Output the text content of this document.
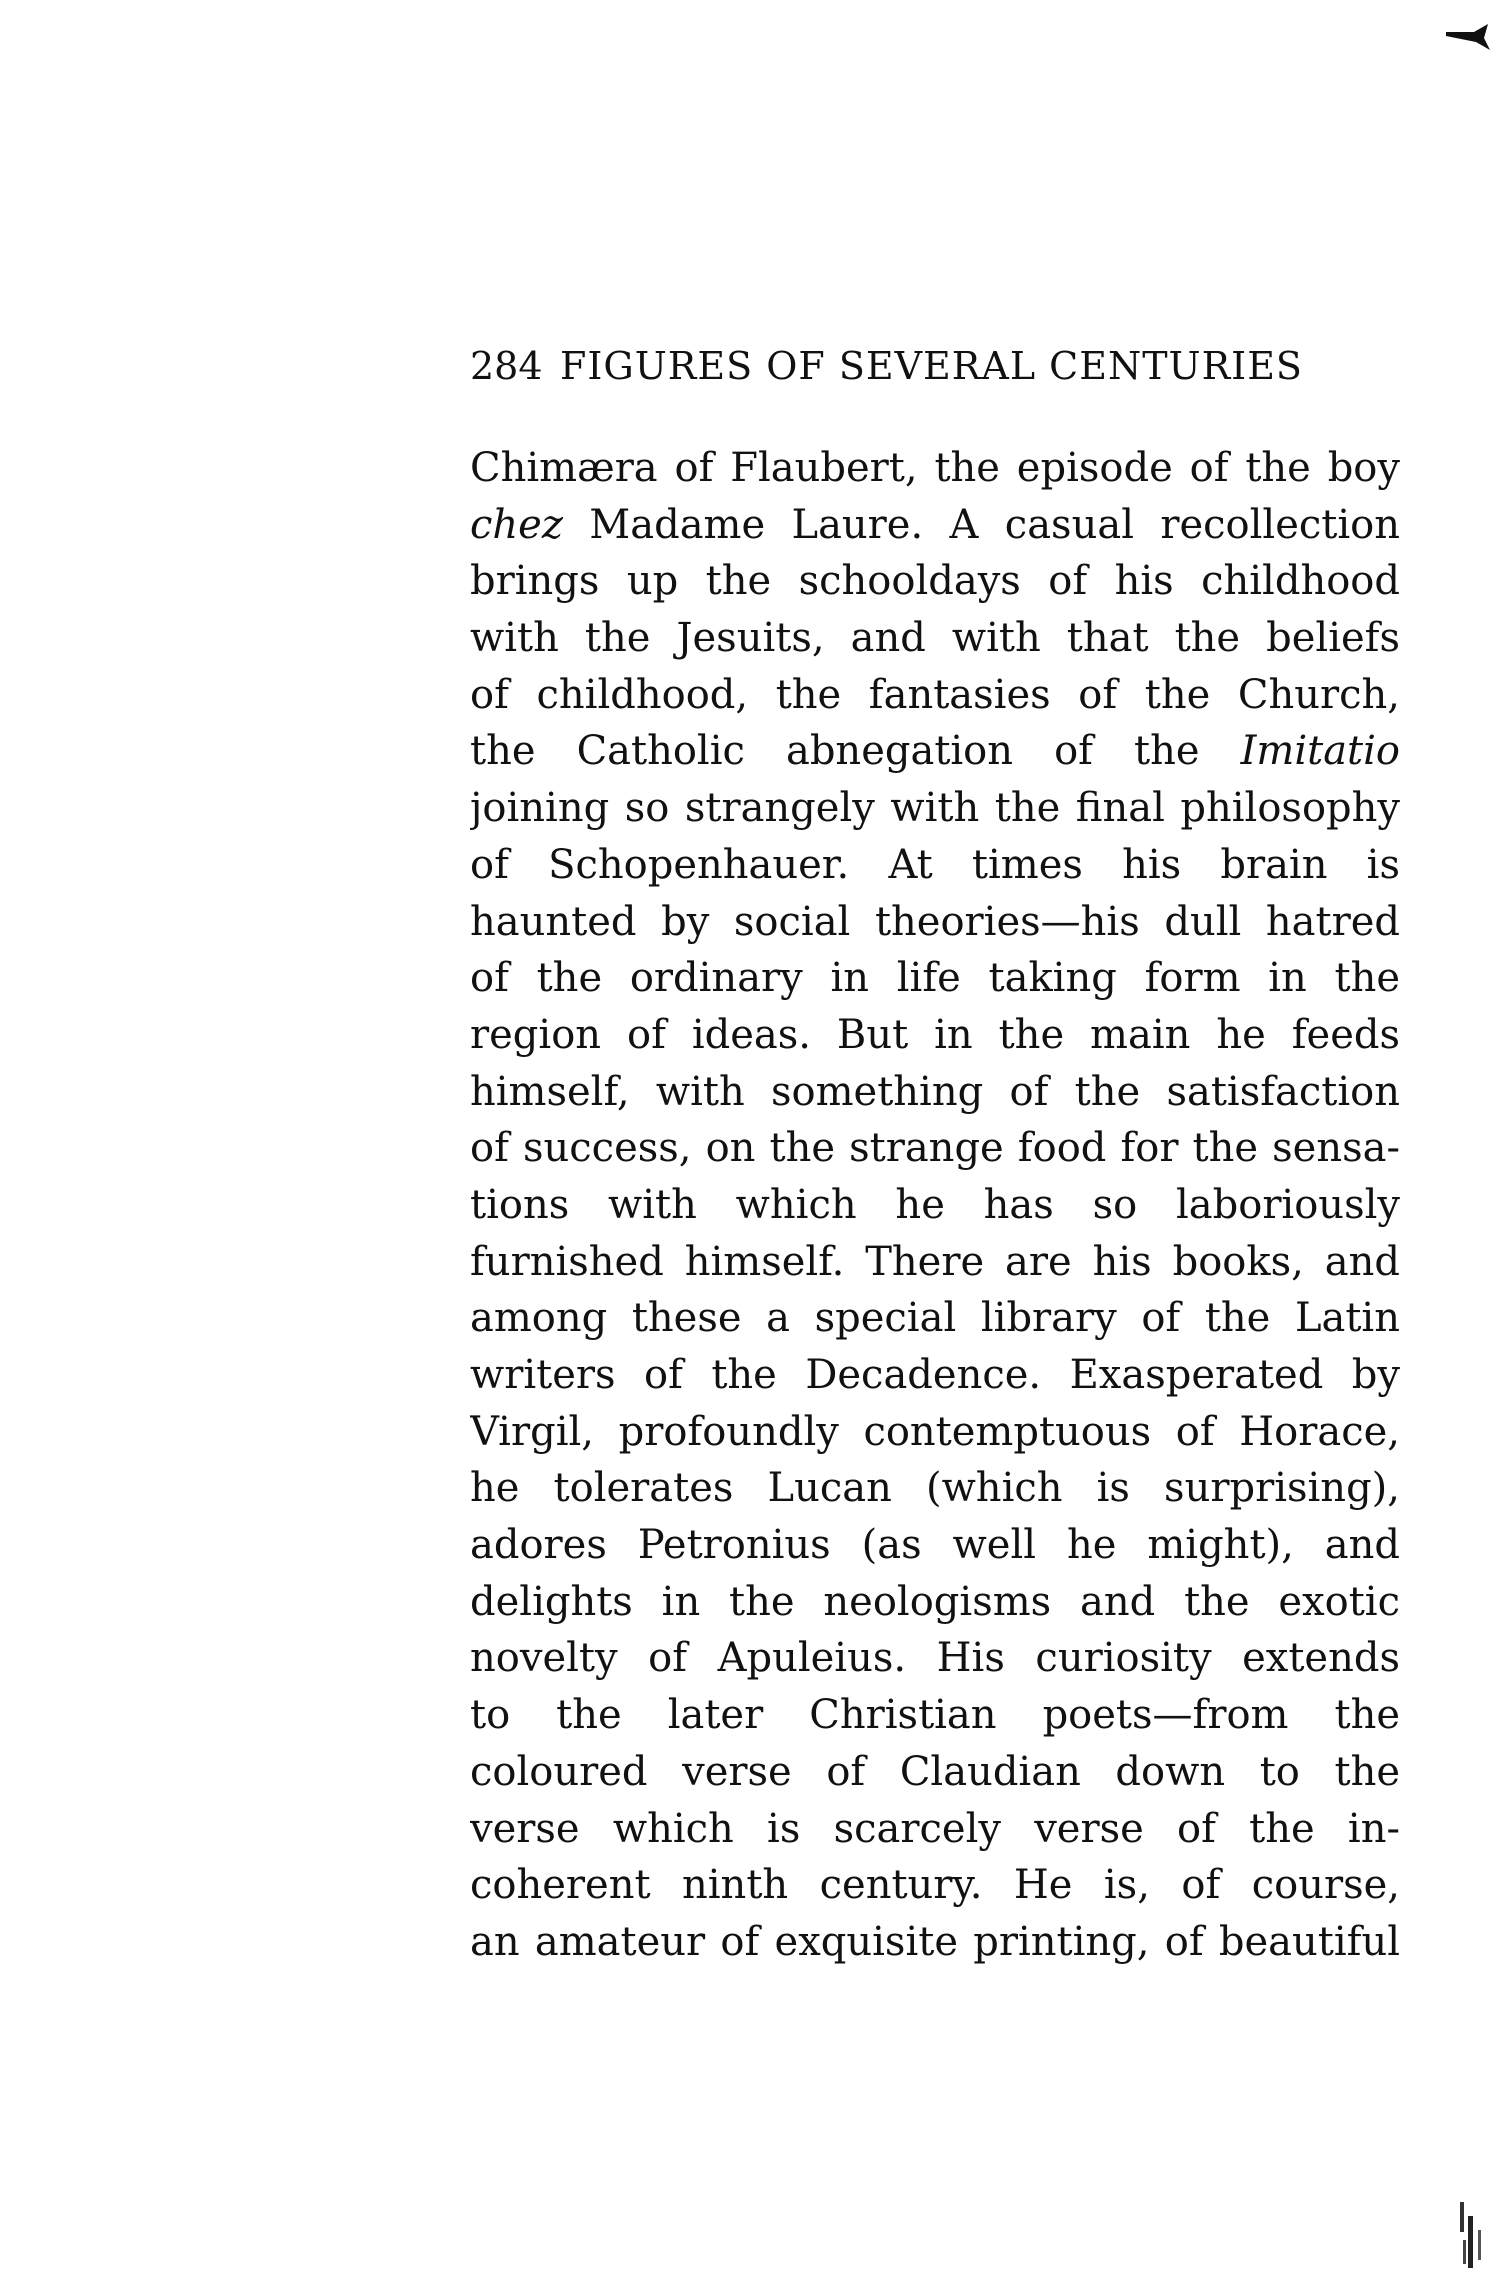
284 FIGURES OF SEVERAL CENTURIES
Chimæra of Flaubert, the episode of the boy
chez Madame Laure. A casual recollection
brings up the schooldays of his childhood
with the Jesuits, and with that the beliefs
of childhood, the fantasies of the Church,
the Catholic abnegation of the Imitatio
joining so strangely with the final philosophy
of Schopenhauer. At times his brain is
haunted by social theories—his dull hatred
of the ordinary in life taking form in the
region of ideas. But in the main he feeds
himself, with something of the satisfaction
of success, on the strange food for the sensa-
tions with which he has so laboriously
furnished himself. There are his books, and
among these a special library of the Latin
writers of the Decadence. Exasperated by
Virgil, profoundly contemptuous of Horace,
he tolerates Lucan (which is surprising),
adores Petronius (as well he might), and
delights in the neologisms and the exotic
novelty of Apuleius. His curiosity extends
to the later Christian poets—from the
coloured verse of Claudian down to the
verse which is scarcely verse of the in-
coherent ninth century. He is, of course,
an amateur of exquisite printing, of beautiful
